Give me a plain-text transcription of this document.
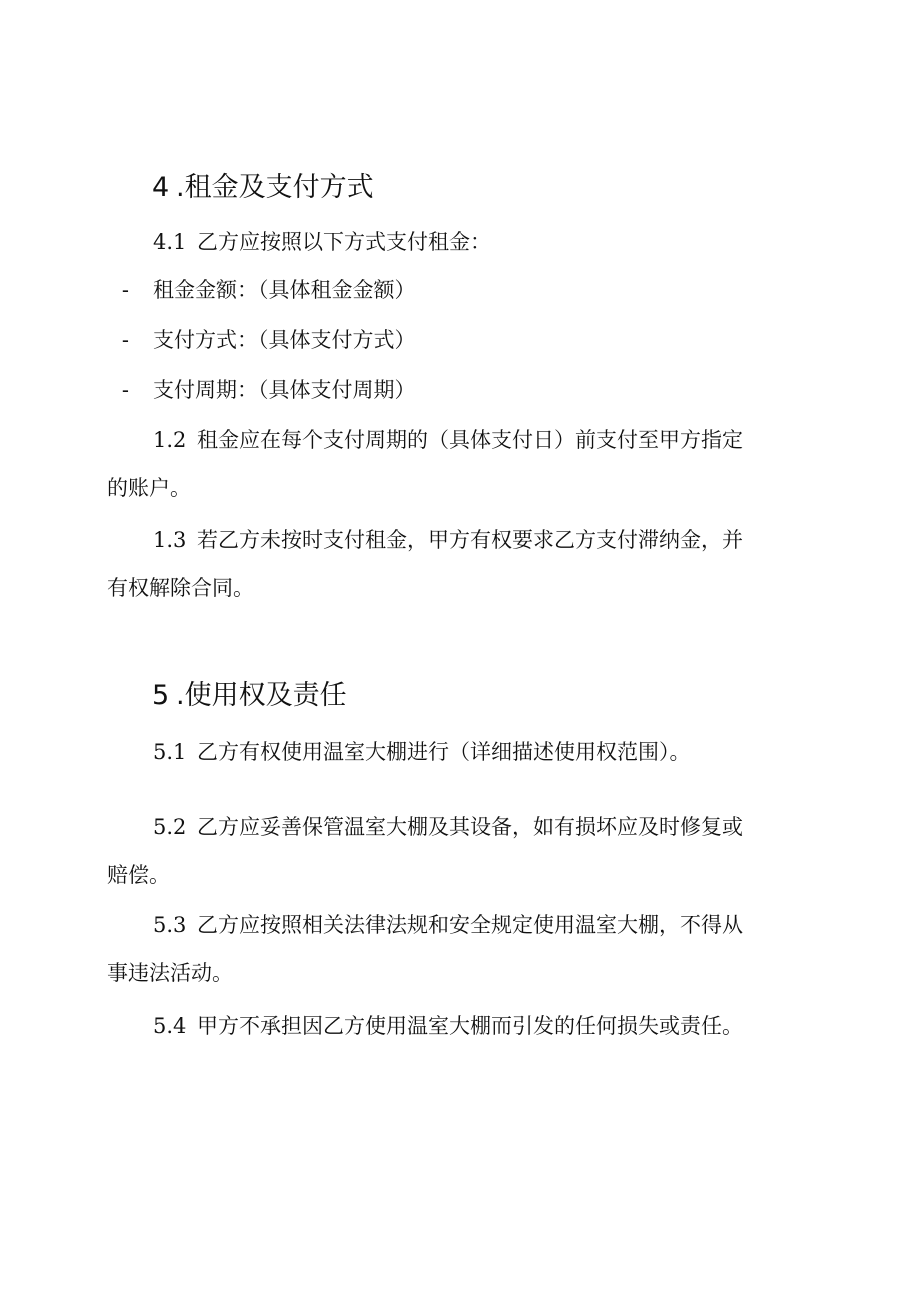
4 .租金及支付方式
4.1 乙方应按照以下方式支付租金：
- 租金金额：（具体租金金额）
- 支付方式：（具体支付方式）
- 支付周期：（具体支付周期）
1.2 租金应在每个支付周期的（具体支付日）前支付至甲方指定
的账户。
1.3 若乙方未按时支付租金，甲方有权要求乙方支付滞纳金，并
有权解除合同。
5 .使用权及责任
5.1 乙方有权使用温室大棚进行（详细描述使用权范围）。
5.2 乙方应妥善保管温室大棚及其设备，如有损坏应及时修复或
赔偿。
5.3 乙方应按照相关法律法规和安全规定使用温室大棚，不得从
事违法活动。
5.4 甲方不承担因乙方使用温室大棚而引发的任何损失或责任。
